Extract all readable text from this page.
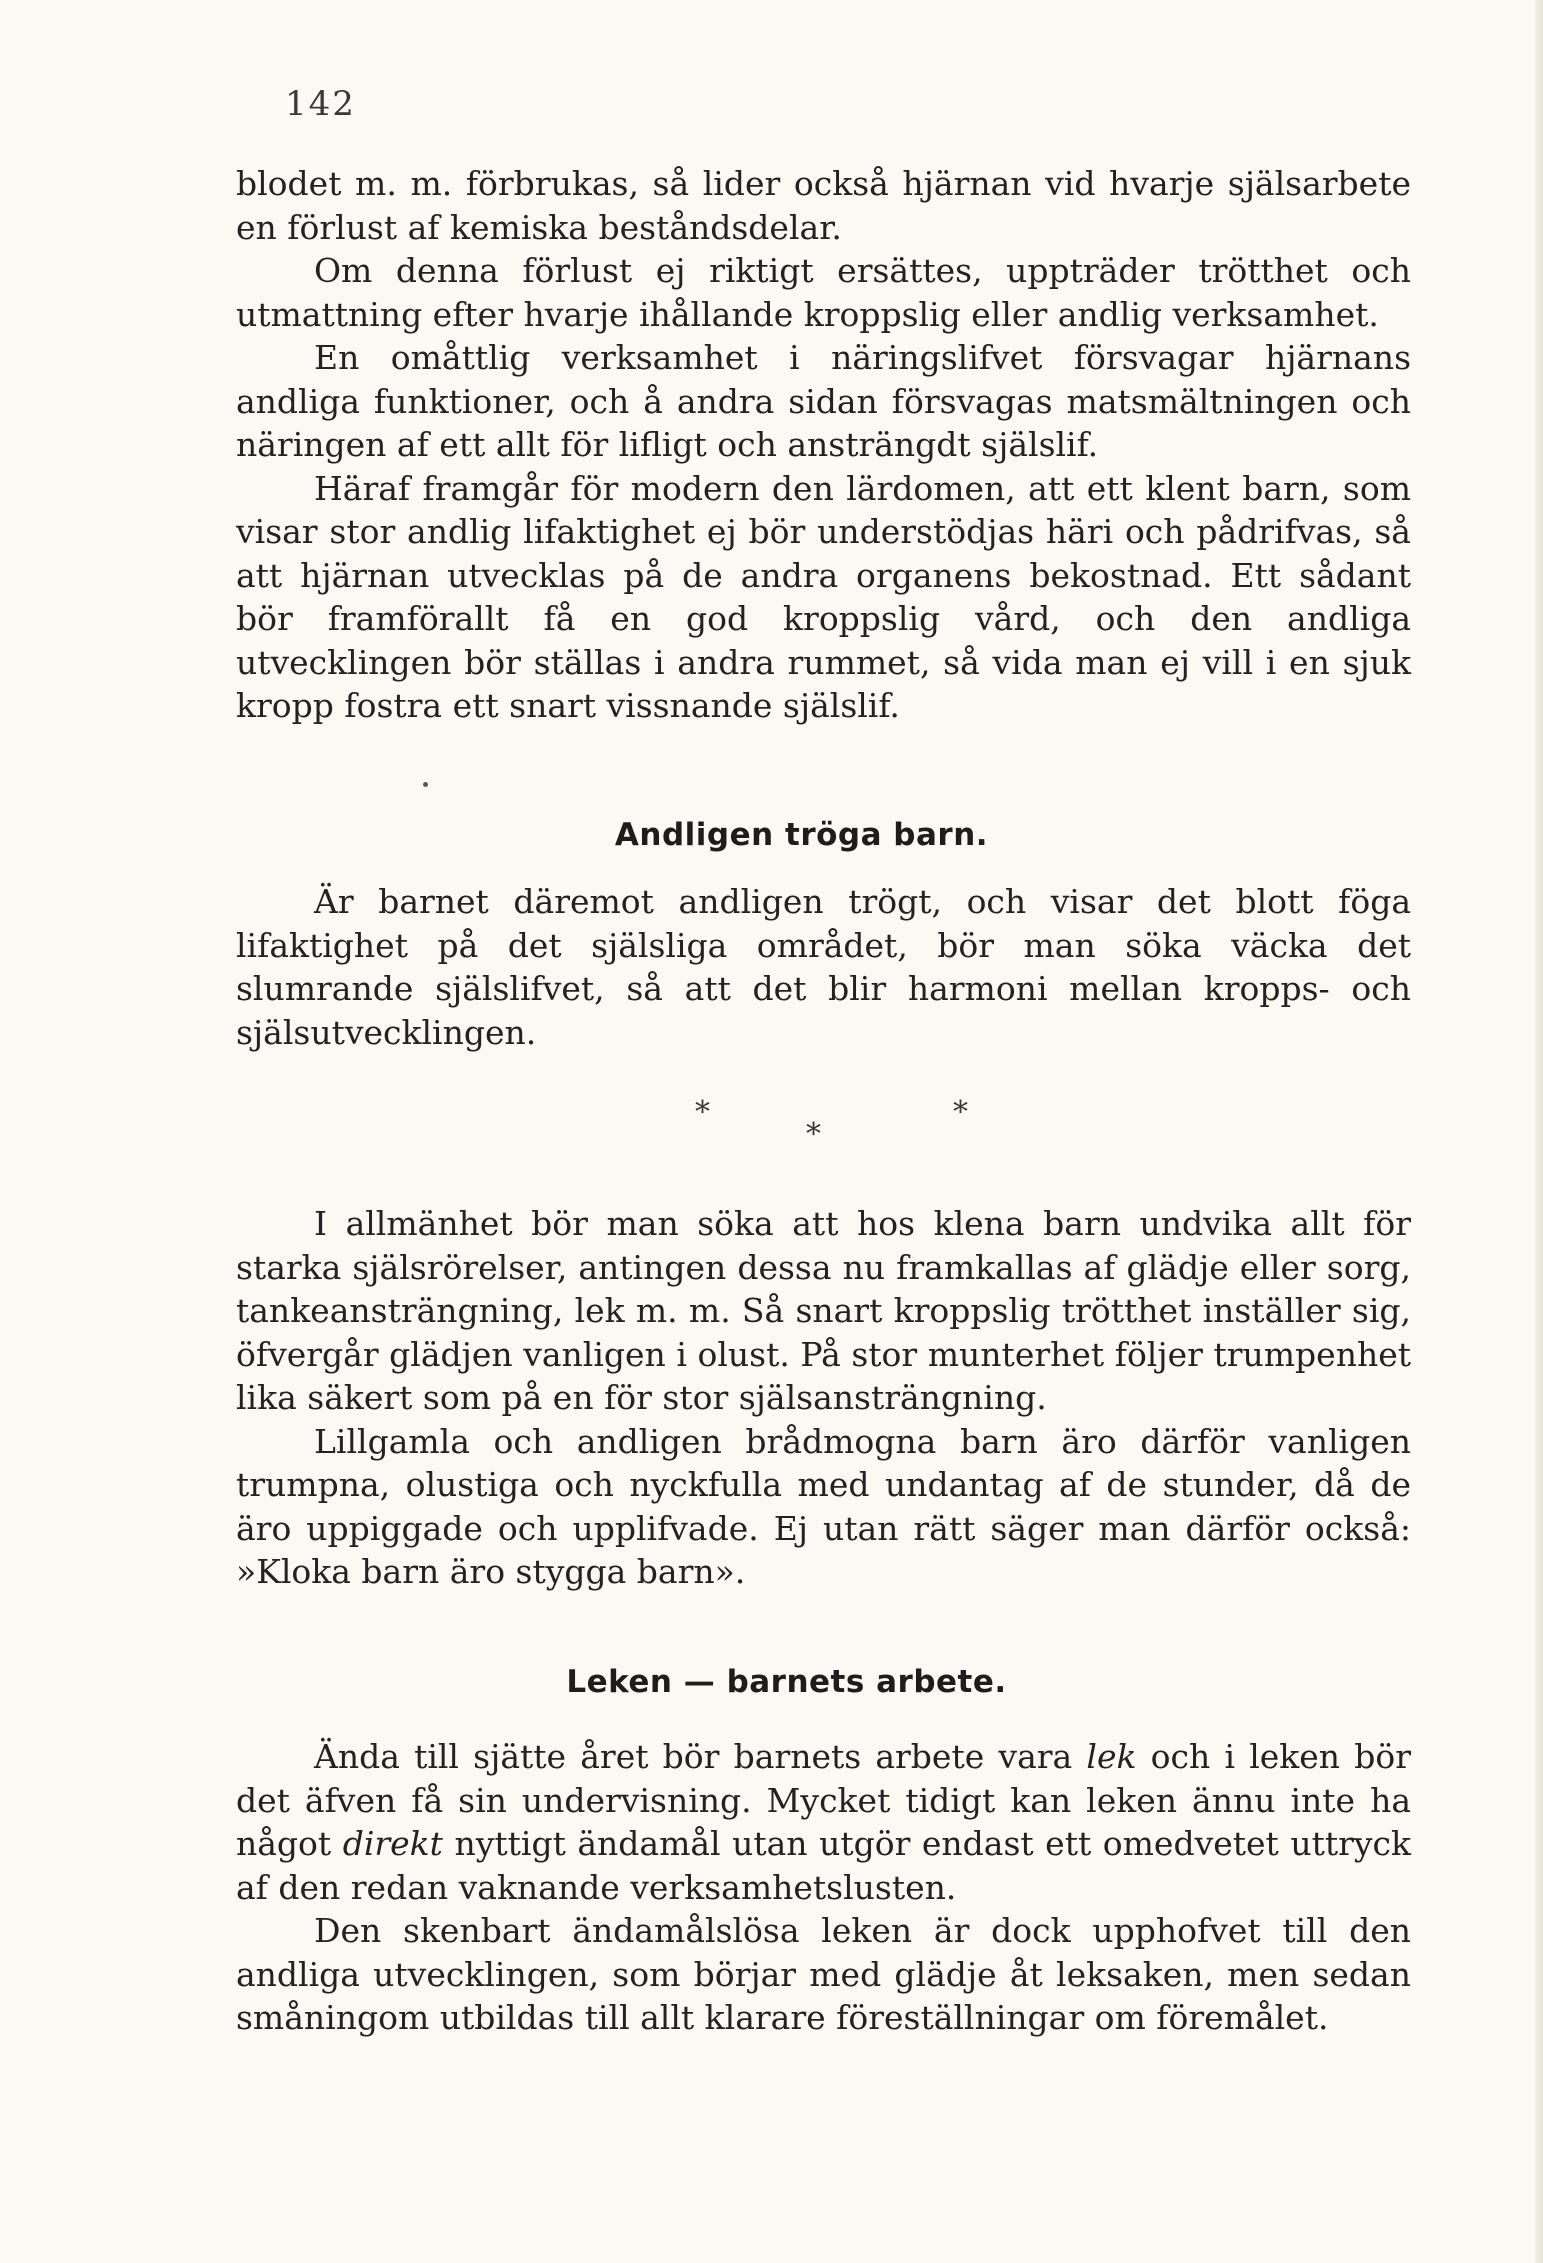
142

blodet m. m. förbrukas, så lider också hjärnan vid hvarje själsarbete en förlust af kemiska beståndsdelar.

Om denna förlust ej riktigt ersättes, uppträder trötthet och utmattning efter hvarje ihållande kroppslig eller andlig verksamhet.

En omåttlig verksamhet i näringslifvet försvagar hjärnans andliga funktioner, och å andra sidan försvagas matsmältningen och näringen af ett allt för lifligt och ansträngdt själslif.

Häraf framgår för modern den lärdomen, att ett klent barn, som visar stor andlig lifaktighet ej bör understödjas häri och pådrifvas, så att hjärnan utvecklas på de andra organens bekostnad. Ett sådant bör framförallt få en god kroppslig vård, och den andliga utvecklingen bör ställas i andra rummet, så vida man ej vill i en sjuk kropp fostra ett snart vissnande själslif.

Andligen tröga barn.

Är barnet däremot andligen trögt, och visar det blott föga lifaktighet på det själsliga området, bör man söka väcka det slumrande själslifvet, så att det blir harmoni mellan kropps- och själsutvecklingen.

*	*
*

I allmänhet bör man söka att hos klena barn undvika allt för starka själsrörelser, antingen dessa nu framkallas af glädje eller sorg, tankeansträngning, lek m. m. Så snart kroppslig trötthet inställer sig, öfvergår glädjen vanligen i olust. På stor munterhet följer trumpenhet lika säkert som på en för stor själsansträngning.

Lillgamla och andligen brådmogna barn äro därför vanligen trumpna, olustiga och nyckfulla med undantag af de stunder, då de äro uppiggade och upplifvade. Ej utan rätt säger man därför också: »Kloka barn äro stygga barn».

Leken — barnets arbete.

Ända till sjätte året bör barnets arbete vara lek och i leken bör det äfven få sin undervisning. Mycket tidigt kan leken ännu inte ha något direkt nyttigt ändamål utan utgör endast ett omedvetet uttryck af den redan vaknande verksamhetslusten.

Den skenbart ändamålslösa leken är dock upphofvet till den andliga utvecklingen, som börjar med glädje åt leksaken, men sedan småningom utbildas till allt klarare föreställningar om föremålet.
